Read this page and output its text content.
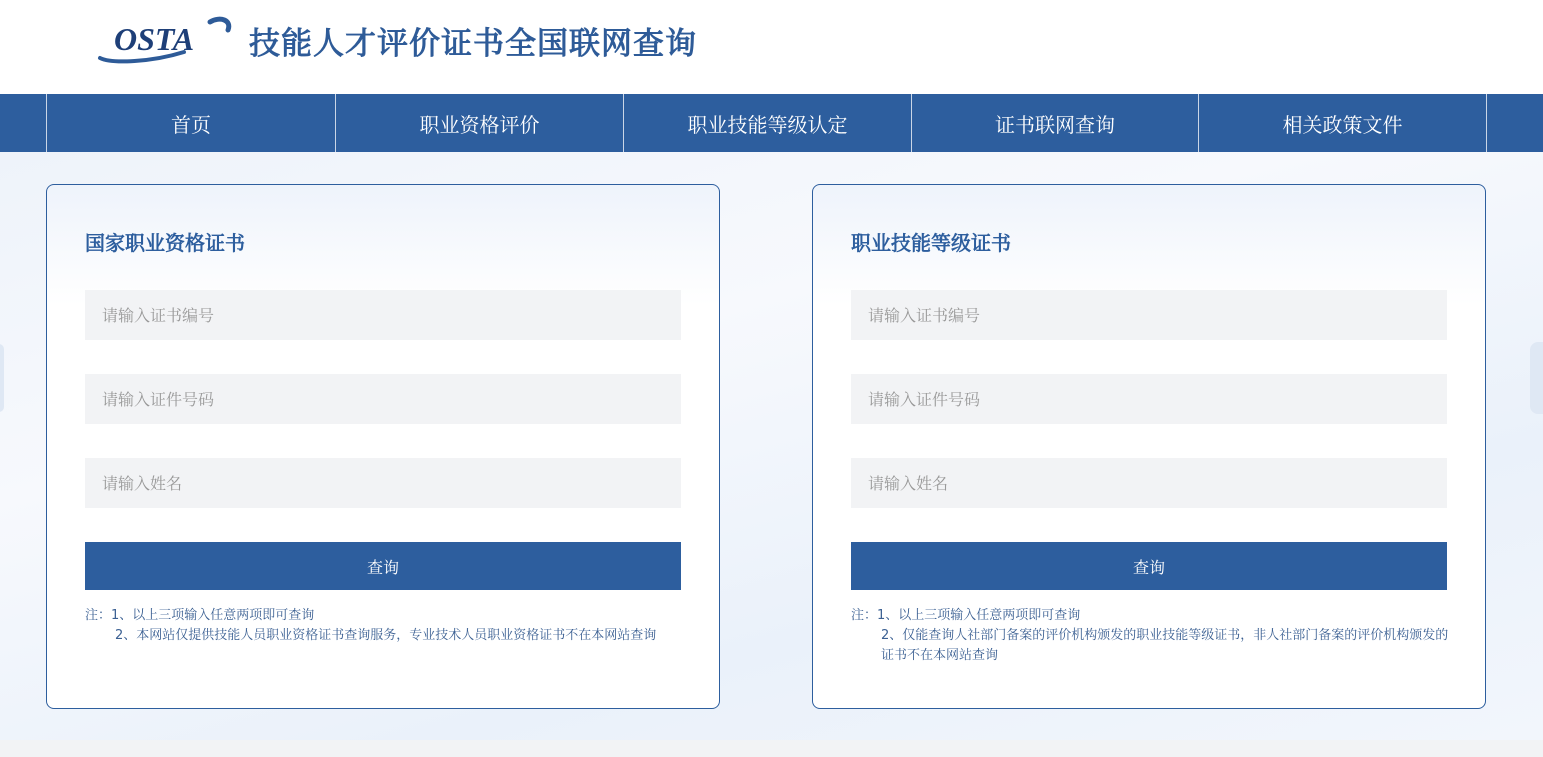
OSTA 技能人才评价证书全国联网查询
首页	职业资格评价	职业技能等级认定	证书联网查询	相关政策文件
国家职业资格证书
请输入证书编号
请输入证件号码
请输入姓名
查询
注：1、以上三项输入任意两项即可查询
2、本网站仅提供技能人员职业资格证书查询服务，专业技术人员职业资格证书不在本网站查询
职业技能等级证书
请输入证书编号
请输入证件号码
请输入姓名
查询
注：1、以上三项输入任意两项即可查询
2、仅能查询人社部门备案的评价机构颁发的职业技能等级证书，非人社部门备案的评价机构颁发的证书不在本网站查询
